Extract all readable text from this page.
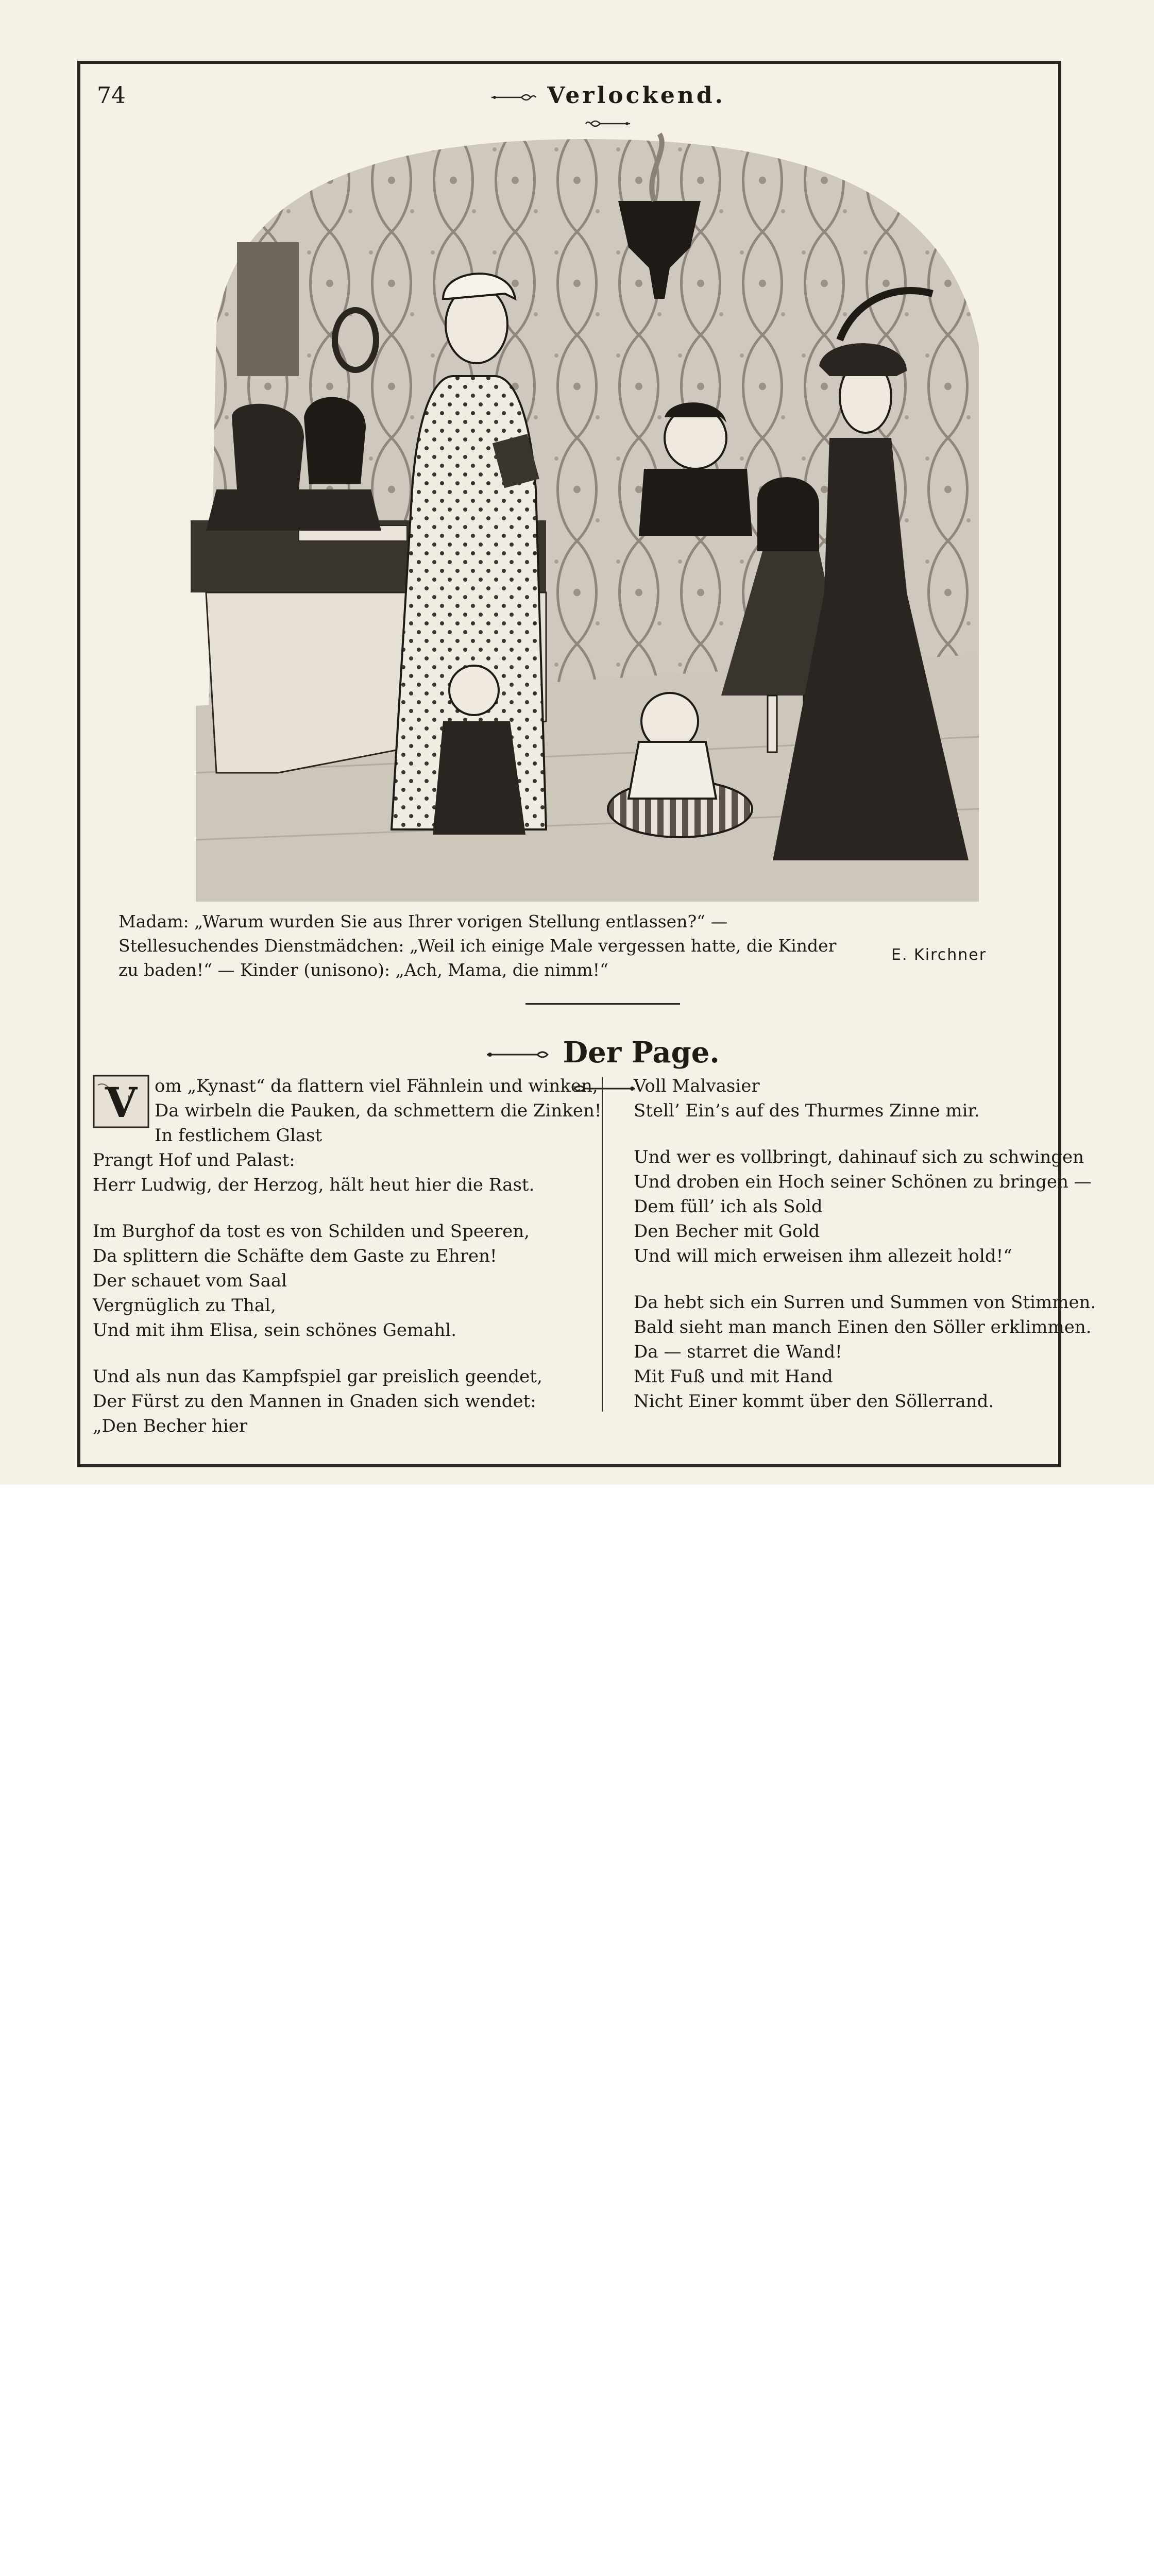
74	Verlockend.
Madam: „Warum wurden Sie aus Ihrer vorigen Stellung entlassen?“ —
Stellesuchendes Dienstmädchen: „Weil ich einige Male vergessen hatte, die Kinder
zu baden!“ — Kinder (unisono): „Ach, Mama, die nimm!“
E. Kirchner
Der Page.
V om „Kynast“ da flattern viel Fähnlein und winken,
Da wirbeln die Pauken, da schmettern die Zinken!
In festlichem Glast
Prangt Hof und Palast:
Herr Ludwig, der Herzog, hält heut hier die Rast.
Im Burghof da tost es von Schilden und Speeren,
Da splittern die Schäfte dem Gaste zu Ehren!
Der schauet vom Saal
Vergnüglich zu Thal,
Und mit ihm Elisa, sein schönes Gemahl.
Und als nun das Kampfspiel gar preislich geendet,
Der Fürst zu den Mannen in Gnaden sich wendet:
„Den Becher hier
Voll Malvasier
Stell’ Ein’s auf des Thurmes Zinne mir.
Und wer es vollbringt, dahinauf sich zu schwingen
Und droben ein Hoch seiner Schönen zu bringen —
Dem füll’ ich als Sold
Den Becher mit Gold
Und will mich erweisen ihm allezeit hold!“
Da hebt sich ein Surren und Summen von Stimmen.
Bald sieht man manch Einen den Söller erklimmen.
Da — starret die Wand!
Mit Fuß und mit Hand
Nicht Einer kommt über den Söllerrand.
